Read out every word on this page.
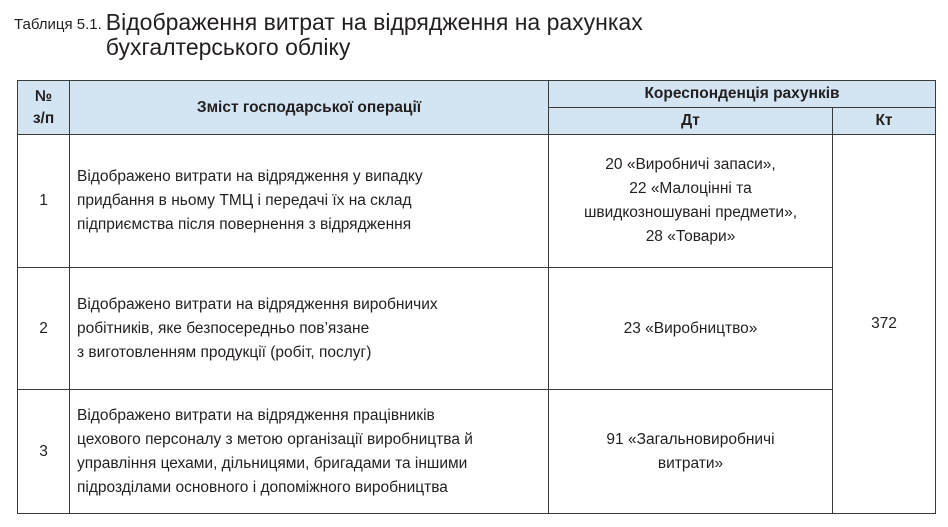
Таблиця 5.1. Відображення витрат на відрядження на рахунках
бухгалтерського обліку
№
з/п	Зміст господарської операції	Кореспонденція рахунків	
		Дт	Кт
1	Відображено витрати на відрядження у випадку
придбання в ньому ТМЦ і передачі їх на склад
підприємства після повернення з відрядження	20 «Виробничі запаси»,
22 «Малоцінні та
швидкозношувані предмети»,
28 «Товари»	372
2	Відображено витрати на відрядження виробничих
робітників, яке безпосередньо пов’язане
з виготовленням продукції (робіт, послуг)	23 «Виробництво»	

3	Відображено витрати на відрядження працівників
цехового персоналу з метою організації виробництва й
управління цехами, дільницями, бригадами та іншими
підрозділами основного і допоміжного виробництва	91 «Загальновиробничі
витрати»	
